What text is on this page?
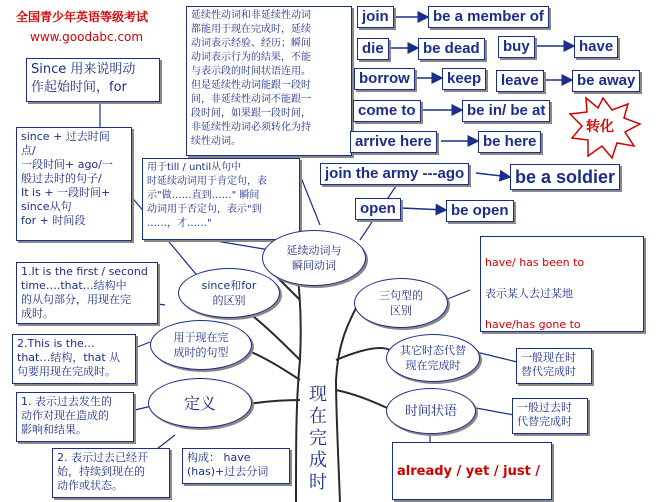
全国青少年英语等级考试
www.goodabc.com
Since 用来说明动
作起始时间，for
since + 过去时间
点/
一段时间+ ago/一
般过去时的句子/
It is + 一段时间+
since从句
for + 时间段
延续性动词和非延续性动词
都能用于现在完成时，延续
动词表示经验、经历；瞬间
动词表示行为的结果，不能
与表示段的时间状语连用。
但是延续性动词能跟一段时
间，非延续性动词不能跟一
段时间，如果跟一段时间，
非延续性动词必须转化为持
续性动词。
用于till / until从句中
时延续动词用于肯定句，表
示"做……直到……" 瞬间
动词用于否定句，表示"到
……，才……"
1.It is the first / second
time….that…结构中
的从句部分，用现在完
成时。
2.This is the…
that…结构，that 从
句要用现在完成时。
1. 表示过去发生的
动作对现在造成的
影响和结果。
2. 表示过去已经开
始，持续到现在的
动作或状态。
构成： have
(has)+过去分词
一般现在时
替代完成时
一般过去时
代替完成时

have/ has been to

表示某人去过某地

have/has gone to

already / yet / just /

延续动词与
瞬间动词
since和for
的区别	三句型的
区别
用于现在完
成时的句型	其它时态代替
现在完成时
定义	时间状语
现
在
完
成
时
转化
join	be a member of
die	be dead	buy	have
borrow	keep	leave	be away
come to	be in/ be at
arrive here	be here
join the army ---ago	be a soldier
open	be open
